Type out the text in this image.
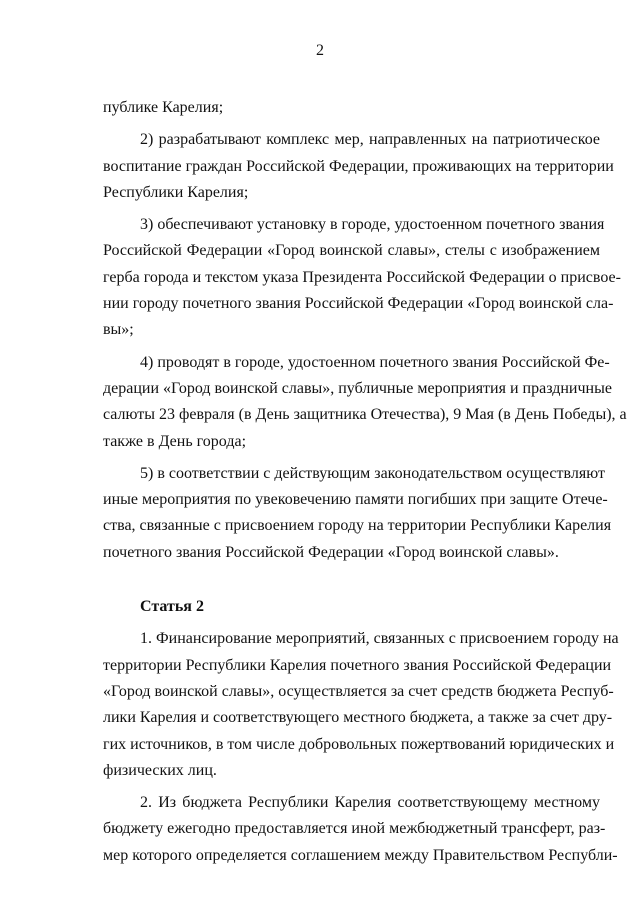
2
публике Карелия;
2) разрабатывают комплекс мер, направленных на патриотическое
воспитание граждан Российской Федерации, проживающих на территории
Республики Карелия;
3) обеспечивают установку в городе, удостоенном почетного звания
Российской Федерации «Город воинской славы», стелы с изображением
герба города и текстом указа Президента Российской Федерации о присвое-
нии городу почетного звания Российской Федерации «Город воинской сла-
вы»;
4) проводят в городе, удостоенном почетного звания Российской Фе-
дерации «Город воинской славы», публичные мероприятия и праздничные
салюты 23 февраля (в День защитника Отечества), 9 Мая (в День Победы), а
также в День города;
5) в соответствии с действующим законодательством осуществляют
иные мероприятия по увековечению памяти погибших при защите Отече-
ства, связанные с присвоением городу на территории Республики Карелия
почетного звания Российской Федерации «Город воинской славы».
Статья 2
1. Финансирование мероприятий, связанных с присвоением городу на
территории Республики Карелия почетного звания Российской Федерации
«Город воинской славы», осуществляется за счет средств бюджета Респуб-
лики Карелия и соответствующего местного бюджета, а также за счет дру-
гих источников, в том числе добровольных пожертвований юридических и
физических лиц.
2. Из бюджета Республики Карелия соответствующему местному
бюджету ежегодно предоставляется иной межбюджетный трансферт, раз-
мер которого определяется соглашением между Правительством Республи-
